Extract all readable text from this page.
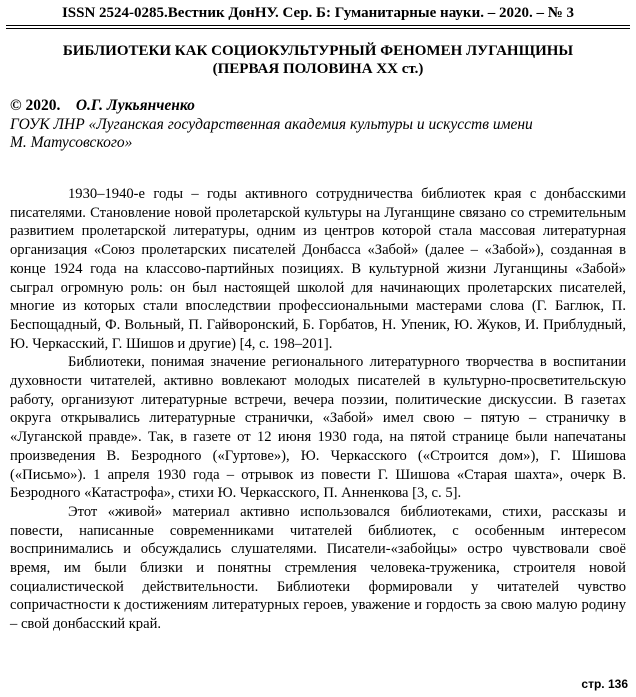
ISSN 2524-0285.Вестник ДонНУ. Сер. Б: Гуманитарные науки. – 2020. – № 3
БИБЛИОТЕКИ КАК СОЦИОКУЛЬТУРНЫЙ ФЕНОМЕН ЛУГАНЩИНЫ
(ПЕРВАЯ ПОЛОВИНА XX ст.)
© 2020. О.Г. Лукьянченко
ГОУК ЛНР «Луганская государственная академия культуры и искусств имени
М. Матусовского»

1930–1940-е годы – годы активного сотрудничества библиотек края с донбасскими писателями. Становление новой пролетарской культуры на Луганщине связано со стремительным развитием пролетарской литературы, одним из центров которой стала массовая литературная организация «Союз пролетарских писателей Донбасса «Забой» (далее – «Забой»), созданная в конце 1924 года на классово-партийных позициях. В культурной жизни Луганщины «Забой» сыграл огромную роль: он был настоящей школой для начинающих пролетарских писателей, многие из которых стали впоследствии профессиональными мастерами слова (Г. Баглюк, П. Беспощадный, Ф. Вольный, П. Гайворонский, Б. Горбатов, Н. Упеник, Ю. Жуков, И. Приблудный, Ю. Черкасский, Г. Шишов и другие) [4, с. 198–201].

Библиотеки, понимая значение регионального литературного творчества в воспитании духовности читателей, активно вовлекают молодых писателей в культурно-просветительскую работу, организуют литературные встречи, вечера поэзии, политические дискуссии. В газетах округа открывались литературные странички, «Забой» имел свою – пятую – страничку в «Луганской правде». Так, в газете от 12 июня 1930 года, на пятой странице были напечатаны произведения В. Безродного («Гуртове»), Ю. Черкасского («Строится дом»), Г. Шишова («Письмо»). 1 апреля 1930 года – отрывок из повести Г. Шишова «Старая шахта», очерк В. Безродного «Катастрофа», стихи Ю. Черкасского, П. Анненкова [3, с. 5].

Этот «живой» материал активно использовался библиотеками, стихи, рассказы и повести, написанные современниками читателей библиотек, с особенным интересом воспринимались и обсуждались слушателями. Писатели-«забойцы» остро чувствовали своё время, им были близки и понятны стремления человека-труженика, строителя новой социалистической действительности. Библиотеки формировали у читателей чувство сопричастности к достижениям литературных героев, уважение и гордость за свою малую родину – свой донбасский край.

стр. 136
